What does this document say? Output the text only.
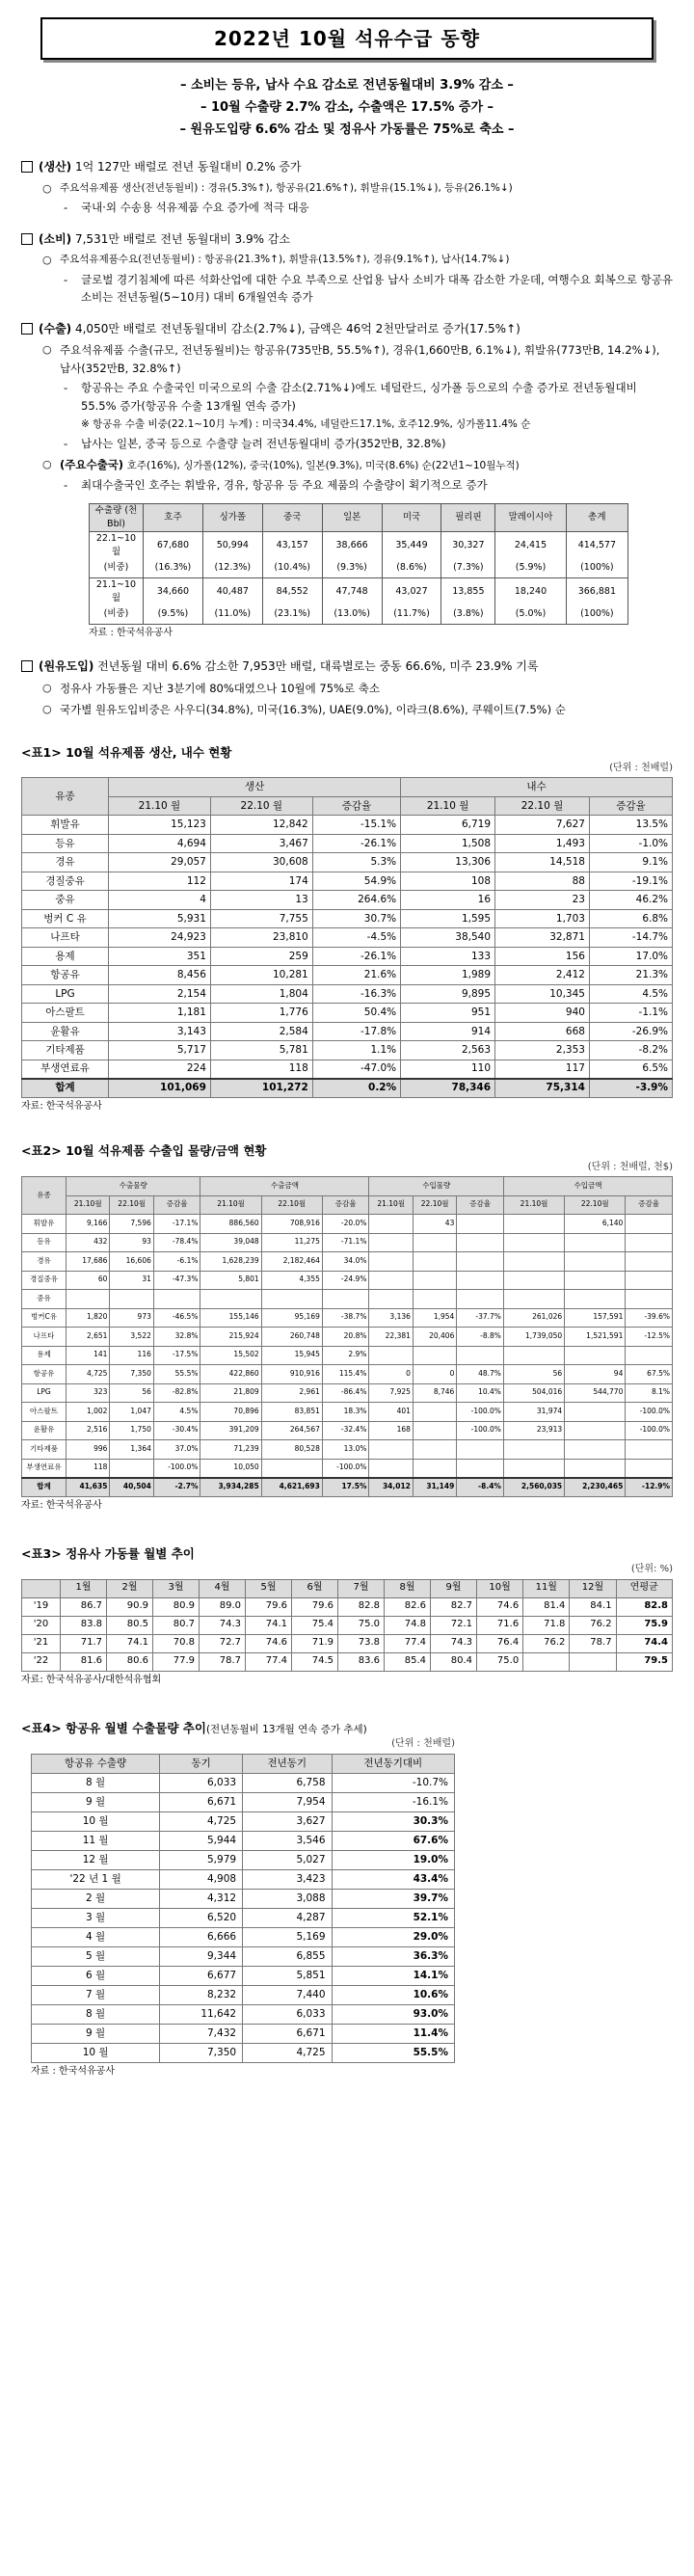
2022년 10월 석유수급 동향
– 소비는 등유, 납사 수요 감소로 전년동월대비 3.9% 감소 –
– 10월 수출량 2.7% 감소, 수출액은 17.5% 증가 –
– 원유도입량 6.6% 감소 및 정유사 가동률은 75%로 축소 –
(생산) 1억 127만 배럴로 전년 동월대비 0.2% 증가
○ 주요석유제품 생산(전년동월비) : 경유(5.3%↑), 항공유(21.6%↑), 휘발유(15.1%↓), 등유(26.1%↓)
-	국내·외 수송용 석유제품 수요 증가에 적극 대응
(소비) 7,531만 배럴로 전년 동월대비 3.9% 감소
○ 주요석유제품수요(전년동월비) : 항공유(21.3%↑), 휘발유(13.5%↑), 경유(9.1%↑), 납사(14.7%↓)
-	글로벌 경기침체에 따른 석화산업에 대한 수요 부족으로 산업용 납사 소비가 대폭 감소한 가운데, 여행수요 회복으로 항공유 소비는 전년동월(5~10月) 대비 6개월연속 증가
(수출) 4,050만 배럴로 전년동월대비 감소(2.7%↓), 금액은 46억 2천만달러로 증가(17.5%↑)
○ 주요석유제품 수출(규모, 전년동월비)는 항공유(735만B, 55.5%↑), 경유(1,660만B, 6.1%↓), 휘발유(773만B, 14.2%↓), 납사(352만B, 32.8%↑)
-	항공유는 주요 수출국인 미국으로의 수출 감소(2.71%↓)에도 네덜란드, 싱가폴 등으로의 수출 증가로 전년동월대비 55.5% 증가(항공유 수출 13개월 연속 증가)
※ 항공유 수출 비중(22.1~10月 누계) : 미국34.4%, 네덜란드17.1%, 호주12.9%, 싱가폴11.4% 순
-	납사는 일본, 중국 등으로 수출량 늘려 전년동월대비 증가(352만B, 32.8%)
○ (주요수출국) 호주(16%), 싱가폴(12%), 중국(10%), 일본(9.3%), 미국(8.6%) 순(22년1~10월누적)
-	최대수출국인 호주는 휘발유, 경유, 항공유 등 주요 제품의 수출량이 획기적으로 증가
수출량 (천 Bbl)	호주	싱가폴	중국	일본	미국	필리핀	말레이시아	총계
22.1~10 월	67,680	50,994	43,157	38,666	35,449	30,327	24,415	414,577
(비중)	(16.3%)	(12.3%)	(10.4%)	(9.3%)	(8.6%)	(7.3%)	(5.9%)	(100%)
21.1~10 월	34,660	40,487	84,552	47,748	43,027	13,855	18,240	366,881
(비중)	(9.5%)	(11.0%)	(23.1%)	(13.0%)	(11.7%)	(3.8%)	(5.0%)	(100%)
자료 : 한국석유공사
(원유도입) 전년동월 대비 6.6% 감소한 7,953만 배럴, 대륙별로는 중동 66.6%, 미주 23.9% 기록
○ 정유사 가동률은 지난 3분기에 80%대였으나 10월에 75%로 축소
○ 국가별 원유도입비중은 사우디(34.8%), 미국(16.3%), UAE(9.0%), 이라크(8.6%), 쿠웨이트(7.5%) 순
<표1> 10월 석유제품 생산, 내수 현황
(단위 : 천배럴)
유종	생산			내수		
	21.10 월	22.10 월	증감율	21.10 월	22.10 월	증감율
휘발유	15,123	12,842	-15.1%	6,719	7,627	13.5%
등유	4,694	3,467	-26.1%	1,508	1,493	-1.0%
경유	29,057	30,608	5.3%	13,306	14,518	9.1%
경질중유	112	174	54.9%	108	88	-19.1%
중유	4	13	264.6%	16	23	46.2%
벙커 C 유	5,931	7,755	30.7%	1,595	1,703	6.8%
나프타	24,923	23,810	-4.5%	38,540	32,871	-14.7%
용제	351	259	-26.1%	133	156	17.0%
항공유	8,456	10,281	21.6%	1,989	2,412	21.3%
LPG	2,154	1,804	-16.3%	9,895	10,345	4.5%
아스팔트	1,181	1,776	50.4%	951	940	-1.1%
윤활유	3,143	2,584	-17.8%	914	668	-26.9%
기타제품	5,717	5,781	1.1%	2,563	2,353	-8.2%
부생연료유	224	118	-47.0%	110	117	6.5%
합계	101,069	101,272	0.2%	78,346	75,314	-3.9%
자료: 한국석유공사
<표2> 10월 석유제품 수출입 물량/금액 현황
(단위 : 천배럴, 천$)
유종	수출물량			수출금액			수입물량			수입금액		
	21.10월	22.10월	증감율	21.10월	22.10월	증감율	21.10월	22.10월	증감율	21.10월	22.10월	증감율
휘발유	9,166	7,596	-17.1%	886,560	708,916	-20.0%		43			6,140	
등유	432	93	-78.4%	39,048	11,275	-71.1%						
경유	17,686	16,606	-6.1%	1,628,239	2,182,464	34.0%						
경질중유	60	31	-47.3%	5,801	4,355	-24.9%						
중유												
벙커C유	1,820	973	-46.5%	155,146	95,169	-38.7%	3,136	1,954	-37.7%	261,026	157,591	-39.6%
나프타	2,651	3,522	32.8%	215,924	260,748	20.8%	22,381	20,406	-8.8%	1,739,050	1,521,591	-12.5%
용제	141	116	-17.5%	15,502	15,945	2.9%						
항공유	4,725	7,350	55.5%	422,860	910,916	115.4%	0	0	48.7%	56	94	67.5%
LPG	323	56	-82.8%	21,809	2,961	-86.4%	7,925	8,746	10.4%	504,016	544,770	8.1%
아스팔트	1,002	1,047	4.5%	70,896	83,851	18.3%	401		-100.0%	31,974		-100.0%
윤활유	2,516	1,750	-30.4%	391,209	264,567	-32.4%	168		-100.0%	23,913		-100.0%
기타제품	996	1,364	37.0%	71,239	80,528	13.0%						
부생연료유	118		-100.0%	10,050		-100.0%						
합계	41,635	40,504	-2.7%	3,934,285	4,621,693	17.5%	34,012	31,149	-8.4%	2,560,035	2,230,465	-12.9%
자료: 한국석유공사
<표3> 정유사 가동률 월별 추이
(단위: %)
	1월	2월	3월	4월	5월	6월	7월	8월	9월	10월	11월	12월	연평균
'19	86.7	90.9	80.9	89.0	79.6	79.6	82.8	82.6	82.7	74.6	81.4	84.1	82.8
'20	83.8	80.5	80.7	74.3	74.1	75.4	75.0	74.8	72.1	71.6	71.8	76.2	75.9
'21	71.7	74.1	70.8	72.7	74.6	71.9	73.8	77.4	74.3	76.4	76.2	78.7	74.4
'22	81.6	80.6	77.9	78.7	77.4	74.5	83.6	85.4	80.4	75.0			79.5
자료: 한국석유공사/대한석유협회
<표4> 항공유 월별 수출물량 추이(전년동월비 13개월 연속 증가 추세)
(단위 : 천배럴)
항공유 수출량	동기	전년동기	전년동기대비
8 월	6,033	6,758	-10.7%
9 월	6,671	7,954	-16.1%
10 월	4,725	3,627	30.3%
11 월	5,944	3,546	67.6%
12 월	5,979	5,027	19.0%
'22 년 1 월	4,908	3,423	43.4%
2 월	4,312	3,088	39.7%
3 월	6,520	4,287	52.1%
4 월	6,666	5,169	29.0%
5 월	9,344	6,855	36.3%
6 월	6,677	5,851	14.1%
7 월	8,232	7,440	10.6%
8 월	11,642	6,033	93.0%
9 월	7,432	6,671	11.4%
10 월	7,350	4,725	55.5%
자료 : 한국석유공사
